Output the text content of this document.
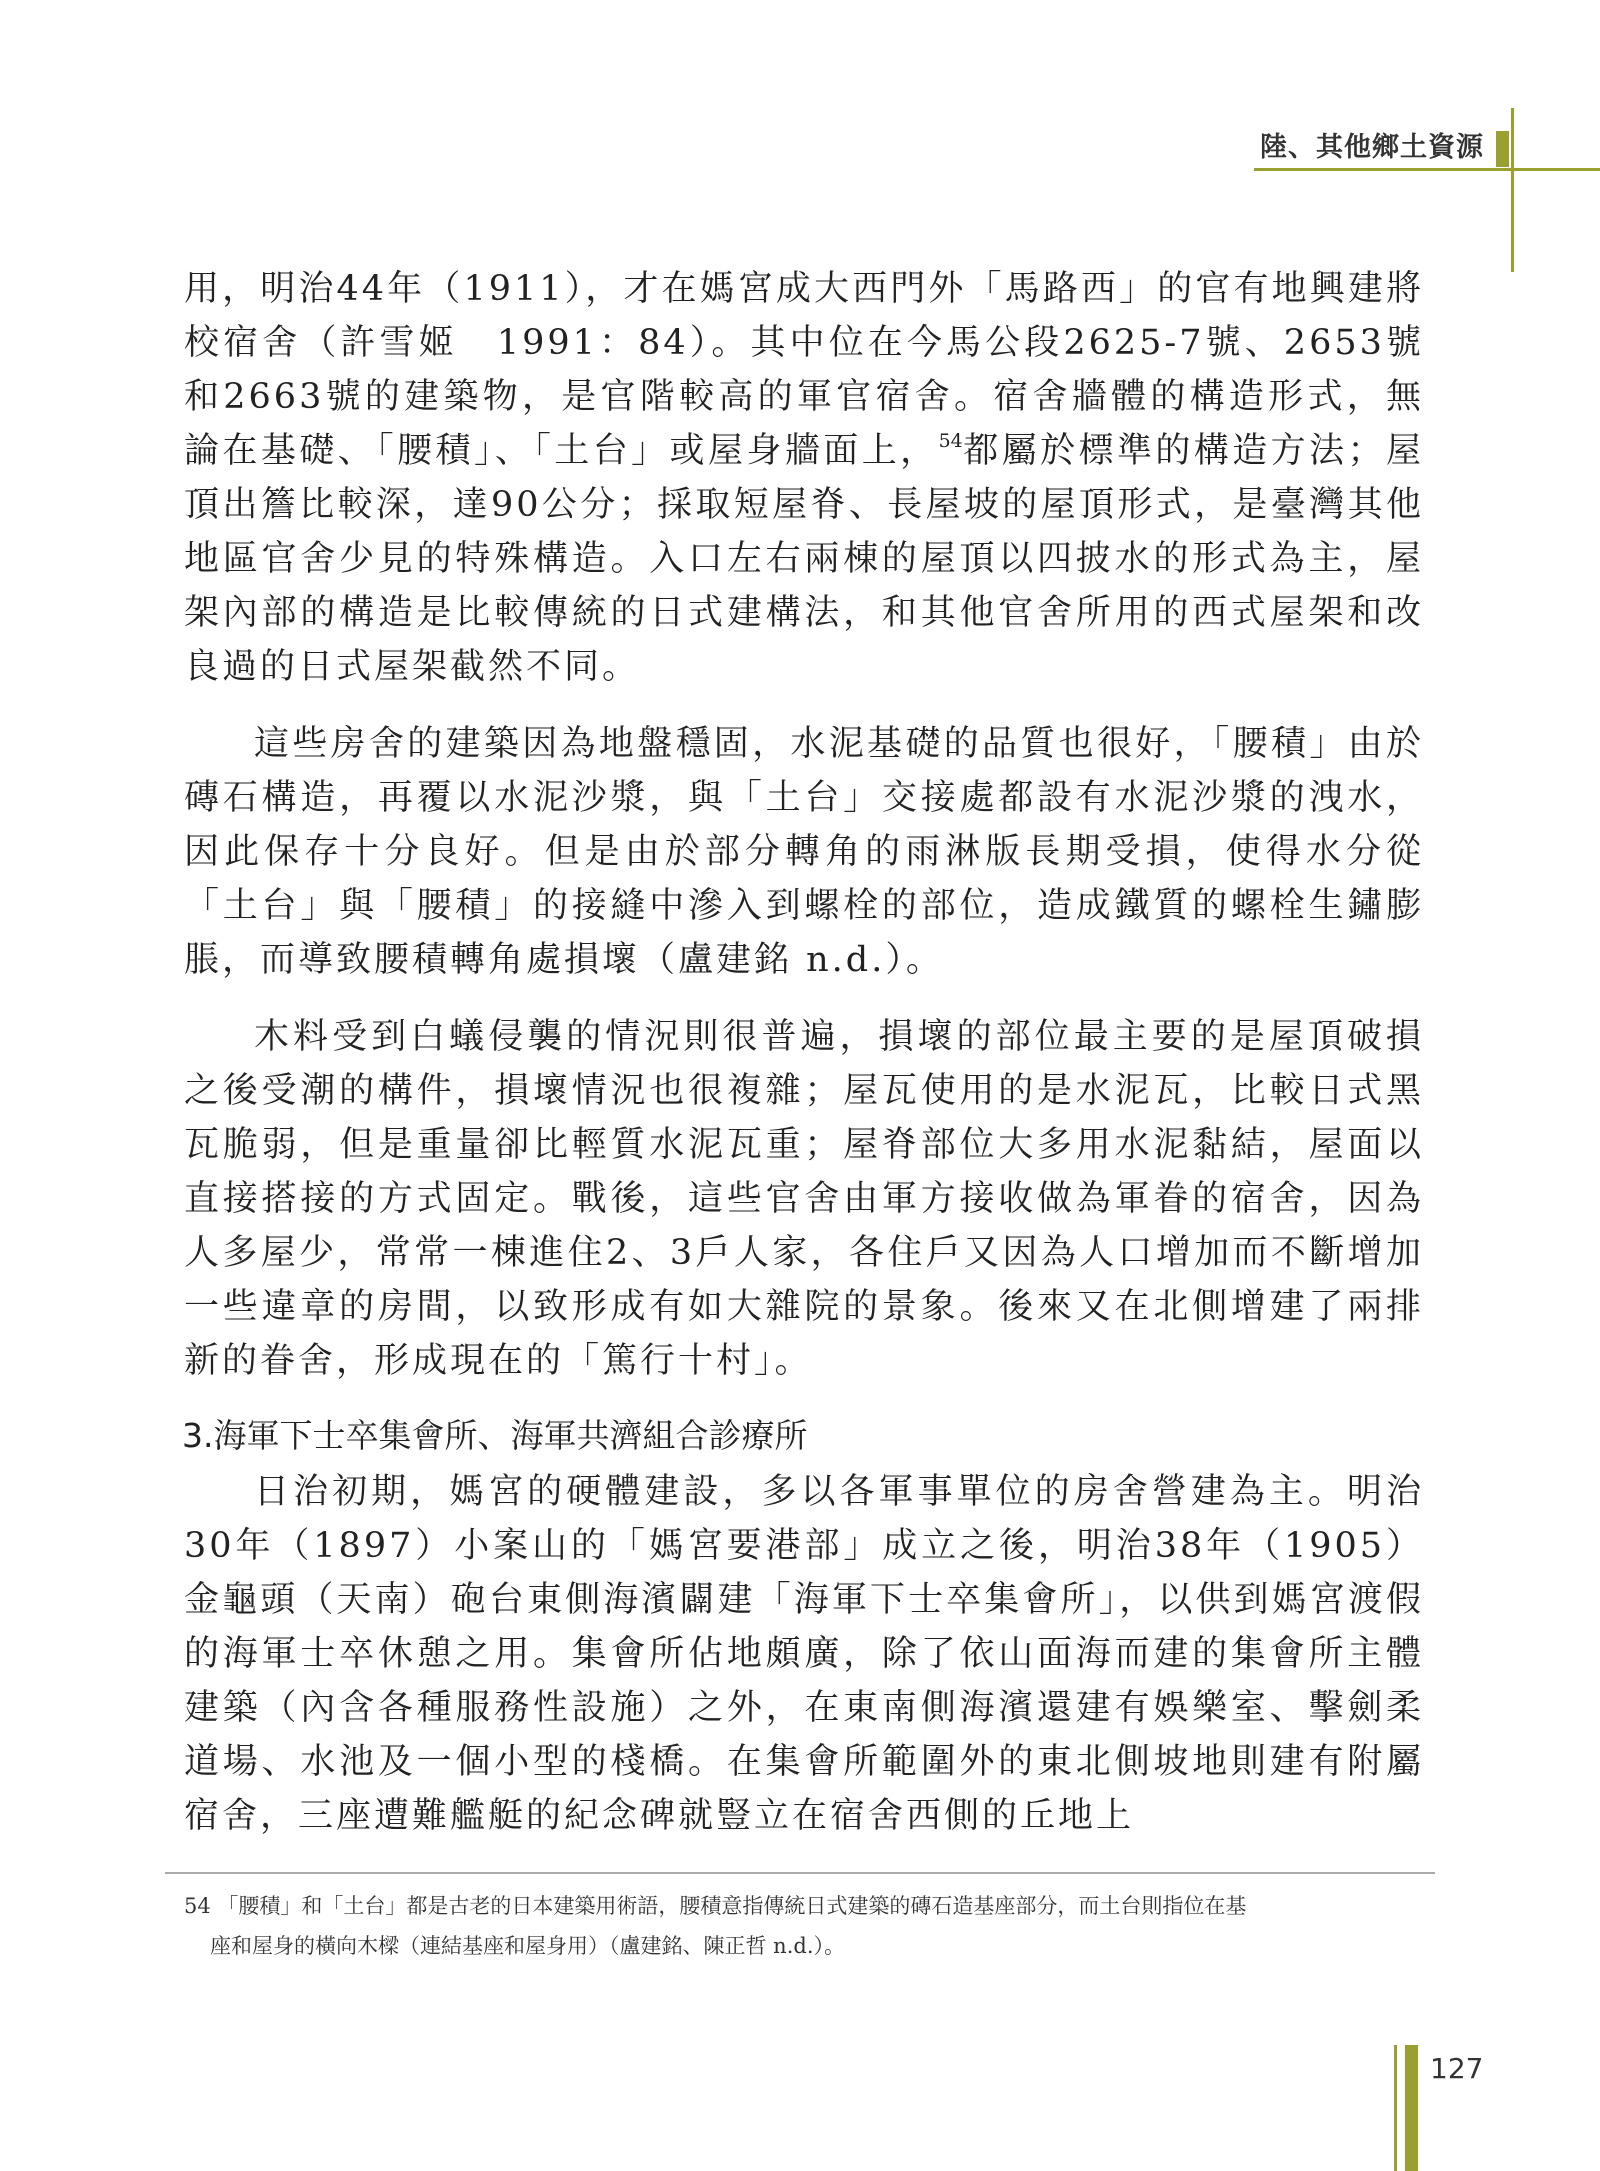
陸、其他鄉土資源

用，明治44年（1911），才在媽宮成大西門外「馬路西」的官有地興建將校宿舍（許雪姬　1991：84）。其中位在今馬公段2625-7號、2653號和2663號的建築物，是官階較高的軍官宿舍。宿舍牆體的構造形式，無論在基礎、「腰積」、「土台」或屋身牆面上，$^{54}$都屬於標準的構造方法；屋頂出簷比較深，達90公分；採取短屋脊、長屋坡的屋頂形式，是臺灣其他地區官舍少見的特殊構造。入口左右兩棟的屋頂以四披水的形式為主，屋架內部的構造是比較傳統的日式建構法，和其他官舍所用的西式屋架和改良過的日式屋架截然不同。

這些房舍的建築因為地盤穩固，水泥基礎的品質也很好，「腰積」由於磚石構造，再覆以水泥沙漿，與「土台」交接處都設有水泥沙漿的洩水，因此保存十分良好。但是由於部分轉角的雨淋版長期受損，使得水分從「土台」與「腰積」的接縫中滲入到螺栓的部位，造成鐵質的螺栓生鏽膨脹，而導致腰積轉角處損壞（盧建銘 n.d.）。

木料受到白蟻侵襲的情況則很普遍，損壞的部位最主要的是屋頂破損之後受潮的構件，損壞情況也很複雜；屋瓦使用的是水泥瓦，比較日式黑瓦脆弱，但是重量卻比輕質水泥瓦重；屋脊部位大多用水泥黏結，屋面以直接搭接的方式固定。戰後，這些官舍由軍方接收做為軍眷的宿舍，因為人多屋少，常常一棟進住2、3戶人家，各住戶又因為人口增加而不斷增加一些違章的房間，以致形成有如大雜院的景象。後來又在北側增建了兩排新的眷舍，形成現在的「篤行十村」。

3.海軍下士卒集會所、海軍共濟組合診療所

日治初期，媽宮的硬體建設，多以各軍事單位的房舍營建為主。明治30年（1897）小案山的「媽宮要港部」成立之後，明治38年（1905）金龜頭（天南）砲台東側海濱闢建「海軍下士卒集會所」，以供到媽宮渡假的海軍士卒休憩之用。集會所佔地頗廣，除了依山面海而建的集會所主體建築（內含各種服務性設施）之外，在東南側海濱還建有娛樂室、擊劍柔道場、水池及一個小型的棧橋。在集會所範圍外的東北側坡地則建有附屬宿舍，三座遭難艦艇的紀念碑就豎立在宿舍西側的丘地上

54 「腰積」和「土台」都是古老的日本建築用術語，腰積意指傳統日式建築的磚石造基座部分，而土台則指位在基
座和屋身的橫向木樑（連結基座和屋身用）（盧建銘、陳正哲 n.d.）。
127
